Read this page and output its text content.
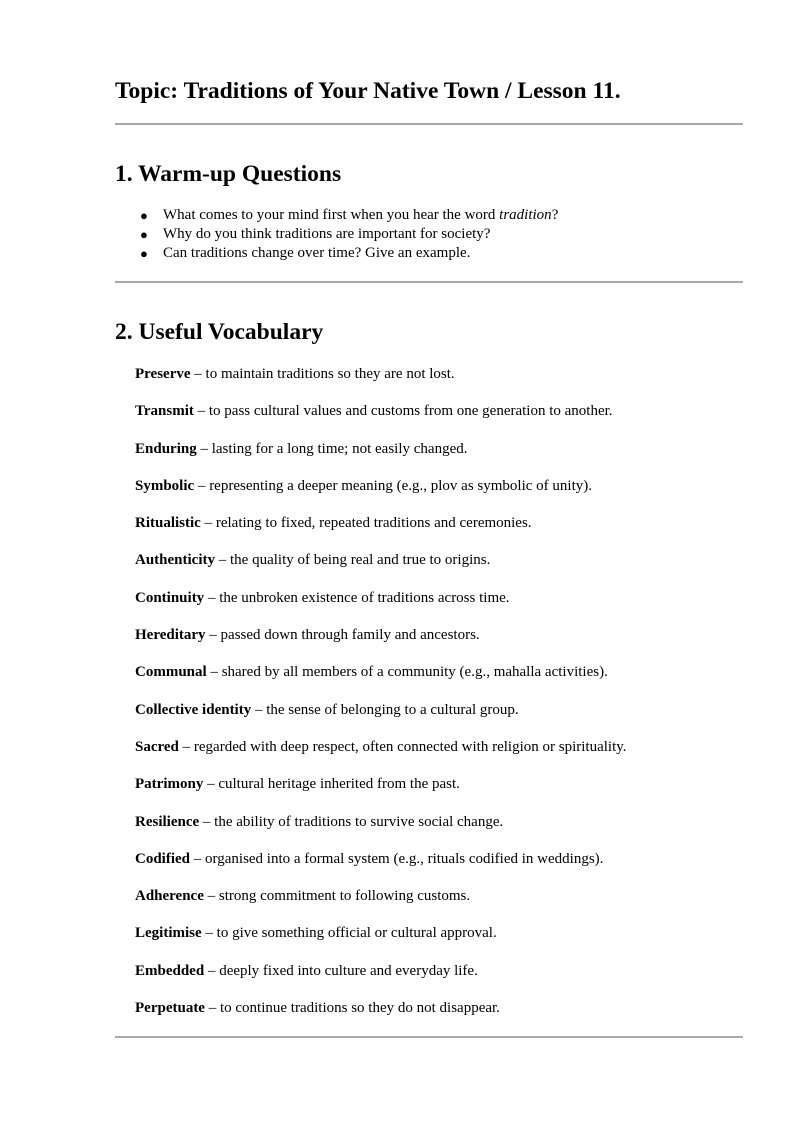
Topic: Traditions of Your Native Town / Lesson 11.
1. Warm-up Questions
● What comes to your mind first when you hear the word tradition?
● Why do you think traditions are important for society?
● Can traditions change over time? Give an example.
2. Useful Vocabulary
Preserve – to maintain traditions so they are not lost.
Transmit – to pass cultural values and customs from one generation to another.
Enduring – lasting for a long time; not easily changed.
Symbolic – representing a deeper meaning (e.g., plov as symbolic of unity).
Ritualistic – relating to fixed, repeated traditions and ceremonies.
Authenticity – the quality of being real and true to origins.
Continuity – the unbroken existence of traditions across time.
Hereditary – passed down through family and ancestors.
Communal – shared by all members of a community (e.g., mahalla activities).
Collective identity – the sense of belonging to a cultural group.
Sacred – regarded with deep respect, often connected with religion or spirituality.
Patrimony – cultural heritage inherited from the past.
Resilience – the ability of traditions to survive social change.
Codified – organised into a formal system (e.g., rituals codified in weddings).
Adherence – strong commitment to following customs.
Legitimise – to give something official or cultural approval.
Embedded – deeply fixed into culture and everyday life.
Perpetuate – to continue traditions so they do not disappear.
